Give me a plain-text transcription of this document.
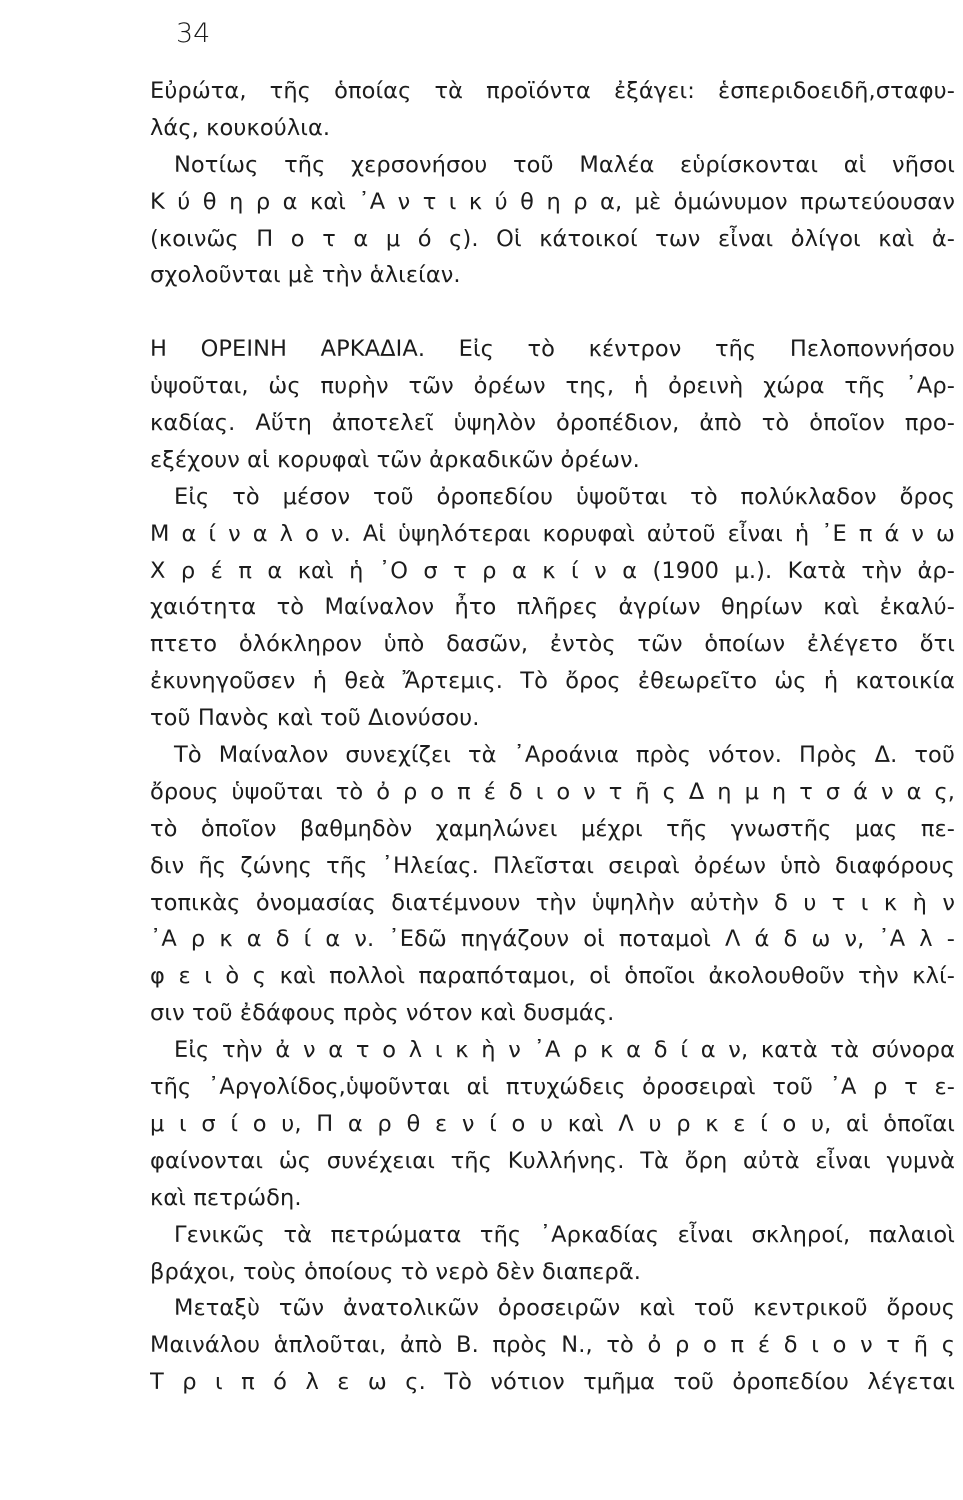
34
Εὐρώτα, τῆς ὁποίας τὰ προϊόντα ἐξάγει: ἑσπεριδοειδῆ,σταφυ-
λάς, κουκούλια.
Νοτίως τῆς χερσονήσου τοῦ Μαλέα εὑρίσκονται αἱ νῆσοι
Κ ύ θ η ρ α καὶ ᾿Α ν τ ι κ ύ θ η ρ α, μὲ ὁμώνυμον πρωτεύουσαν
(κοινῶς Π ο τ α μ ό ς). Οἱ κάτοικοί των εἶναι ὀλίγοι καὶ ἀ-
σχολοῦνται μὲ τὴν ἁλιείαν.
Η ΟΡΕΙΝΗ ΑΡΚΑΔΙΑ. Εἰς τὸ κέντρον τῆς Πελοποννήσου
ὑψοῦται, ὡς πυρὴν τῶν ὀρέων της, ἡ ὀρεινὴ χώρα τῆς ᾿Αρ-
καδίας. Αὕτη ἀποτελεῖ ὑψηλὸν ὀροπέδιον, ἀπὸ τὸ ὁποῖον προ-
εξέχουν αἱ κορυφαὶ τῶν ἀρκαδικῶν ὀρέων.
Εἰς τὸ μέσον τοῦ ὀροπεδίου ὑψοῦται τὸ πολύκλαδον ὄρος
Μ α ί ν α λ ο ν. Αἱ ὑψηλότεραι κορυφαὶ αὐτοῦ εἶναι ἡ ᾿Ε π ά ν ω
Χ ρ έ π α καὶ ἡ ᾿Ο σ τ ρ α κ ί ν α (1900 μ.). Κατὰ τὴν ἀρ-
χαιότητα τὸ Μαίναλον ἦτο πλῆρες ἀγρίων θηρίων καὶ ἐκαλύ-
πτετο ὁλόκληρον ὑπὸ δασῶν, ἐντὸς τῶν ὁποίων ἐλέγετο ὅτι
ἐκυνηγοῦσεν ἡ θεὰ Ἄρτεμις. Τὸ ὄρος ἐθεωρεῖτο ὡς ἡ κατοικία
τοῦ Πανὸς καὶ τοῦ Διονύσου.
Τὸ Μαίναλον συνεχίζει τὰ ᾿Αροάνια πρὸς νότον. Πρὸς Δ. τοῦ
ὄρους ὑψοῦται τὸ ὀ ρ ο π έ δ ι ο ν τ ῆ ς Δ η μ η τ σ ά ν α ς,
τὸ ὁποῖον βαθμηδὸν χαμηλώνει μέχρι τῆς γνωστῆς μας πε-
διν ῆς ζώνης τῆς ᾿Ηλείας. Πλεῖσται σειραὶ ὀρέων ὑπὸ διαφόρους
τοπικὰς ὀνομασίας διατέμνουν τὴν ὑψηλὴν αὐτὴν δ υ τ ι κ ὴ ν
᾿Α ρ κ α δ ί α ν. ᾿Εδῶ πηγάζουν οἱ ποταμοὶ Λ ά δ ω ν, ᾿Α λ -
φ ε ι ὸ ς καὶ πολλοὶ παραπόταμοι, οἱ ὁποῖοι ἀκολουθοῦν τὴν κλί-
σιν τοῦ ἐδάφους πρὸς νότον καὶ δυσμάς.
Εἰς τὴν ἀ ν α τ ο λ ι κ ὴ ν ᾿Α ρ κ α δ ί α ν, κατὰ τὰ σύνορα
τῆς ᾿Αργολίδος,ὑψοῦνται αἱ πτυχώδεις ὀροσειραὶ τοῦ ᾿Α ρ τ ε-
μ ι σ ί ο υ, Π α ρ θ ε ν ί ο υ καὶ Λ υ ρ κ ε ί ο υ, αἱ ὁποῖαι
φαίνονται ὡς συνέχειαι τῆς Κυλλήνης. Τὰ ὄρη αὐτὰ εἶναι γυμνὰ
καὶ πετρώδη.
Γενικῶς τὰ πετρώματα τῆς ᾿Αρκαδίας εἶναι σκληροί, παλαιοὶ
βράχοι, τοὺς ὁποίους τὸ νερὸ δὲν διαπερᾶ.
Μεταξὺ τῶν ἀνατολικῶν ὀροσειρῶν καὶ τοῦ κεντρικοῦ ὄρους
Μαινάλου ἁπλοῦται, ἀπὸ Β. πρὸς Ν., τὸ ὀ ρ ο π έ δ ι ο ν τ ῆ ς
Τ ρ ι π ό λ ε ω ς. Τὸ νότιον τμῆμα τοῦ ὀροπεδίου λέγεται
